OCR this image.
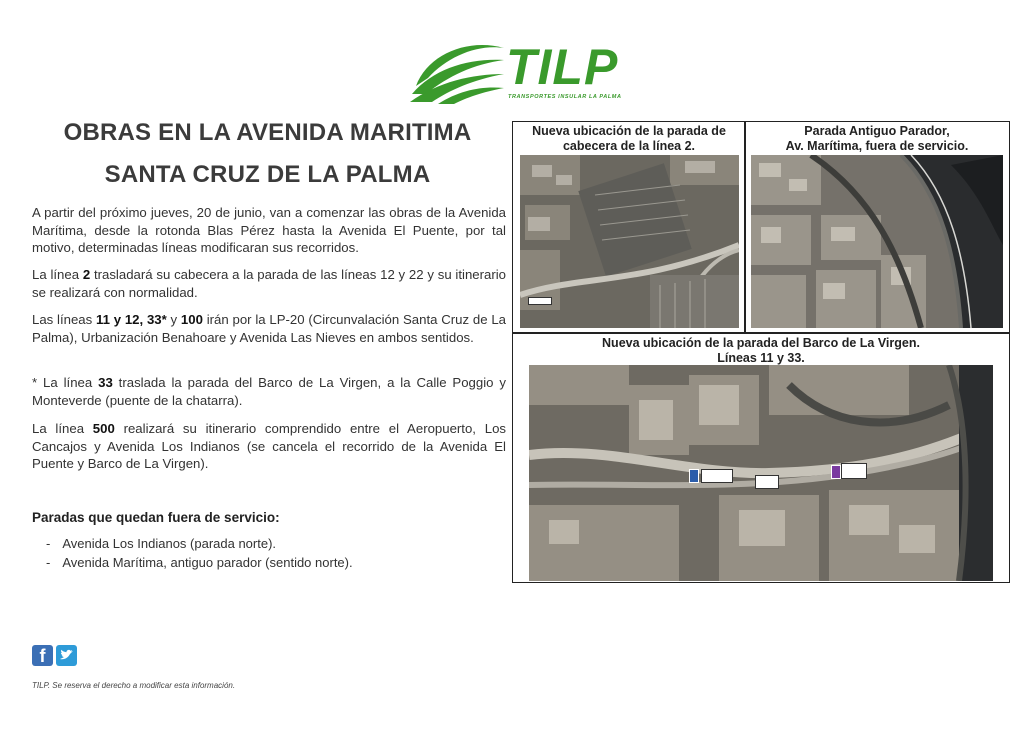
TILP
TRANSPORTES INSULAR LA PALMA
OBRAS EN LA AVENIDA MARITIMA
SANTA CRUZ DE LA PALMA

A partir del próximo jueves, 20 de junio, van a comenzar las obras de la Avenida Marítima, desde la rotonda Blas Pérez hasta la Avenida El Puente, por tal motivo, determinadas líneas modificaran sus recorridos.

La línea 2 trasladará su cabecera a la parada de las líneas 12 y 22 y su itinerario se realizará con normalidad.

Las líneas 11 y 12, 33* y 100 irán por la LP-20 (Circunvalación Santa Cruz de La Palma), Urbanización Benahoare y Avenida Las Nieves en ambos sentidos.

* La línea 33 traslada la parada del Barco de La Virgen, a la Calle Poggio y Monteverde (puente de la chatarra).

La línea 500 realizará su itinerario comprendido entre el Aeropuerto, Los Cancajos y Avenida Los Indianos (se cancela el recorrido de la Avenida El Puente y Barco de La Virgen).

Paradas que quedan fuera de servicio:
- Avenida Los Indianos (parada norte).
- Avenida Marítima, antiguo parador (sentido norte).
f
TILP. Se reserva el derecho a modificar esta información.
Nueva ubicación de la parada de
cabecera de la línea 2.
Parada Antiguo Parador,
Av. Marítima, fuera de servicio.
Nueva ubicación de la parada del Barco de La Virgen.
Líneas 11 y 33.
